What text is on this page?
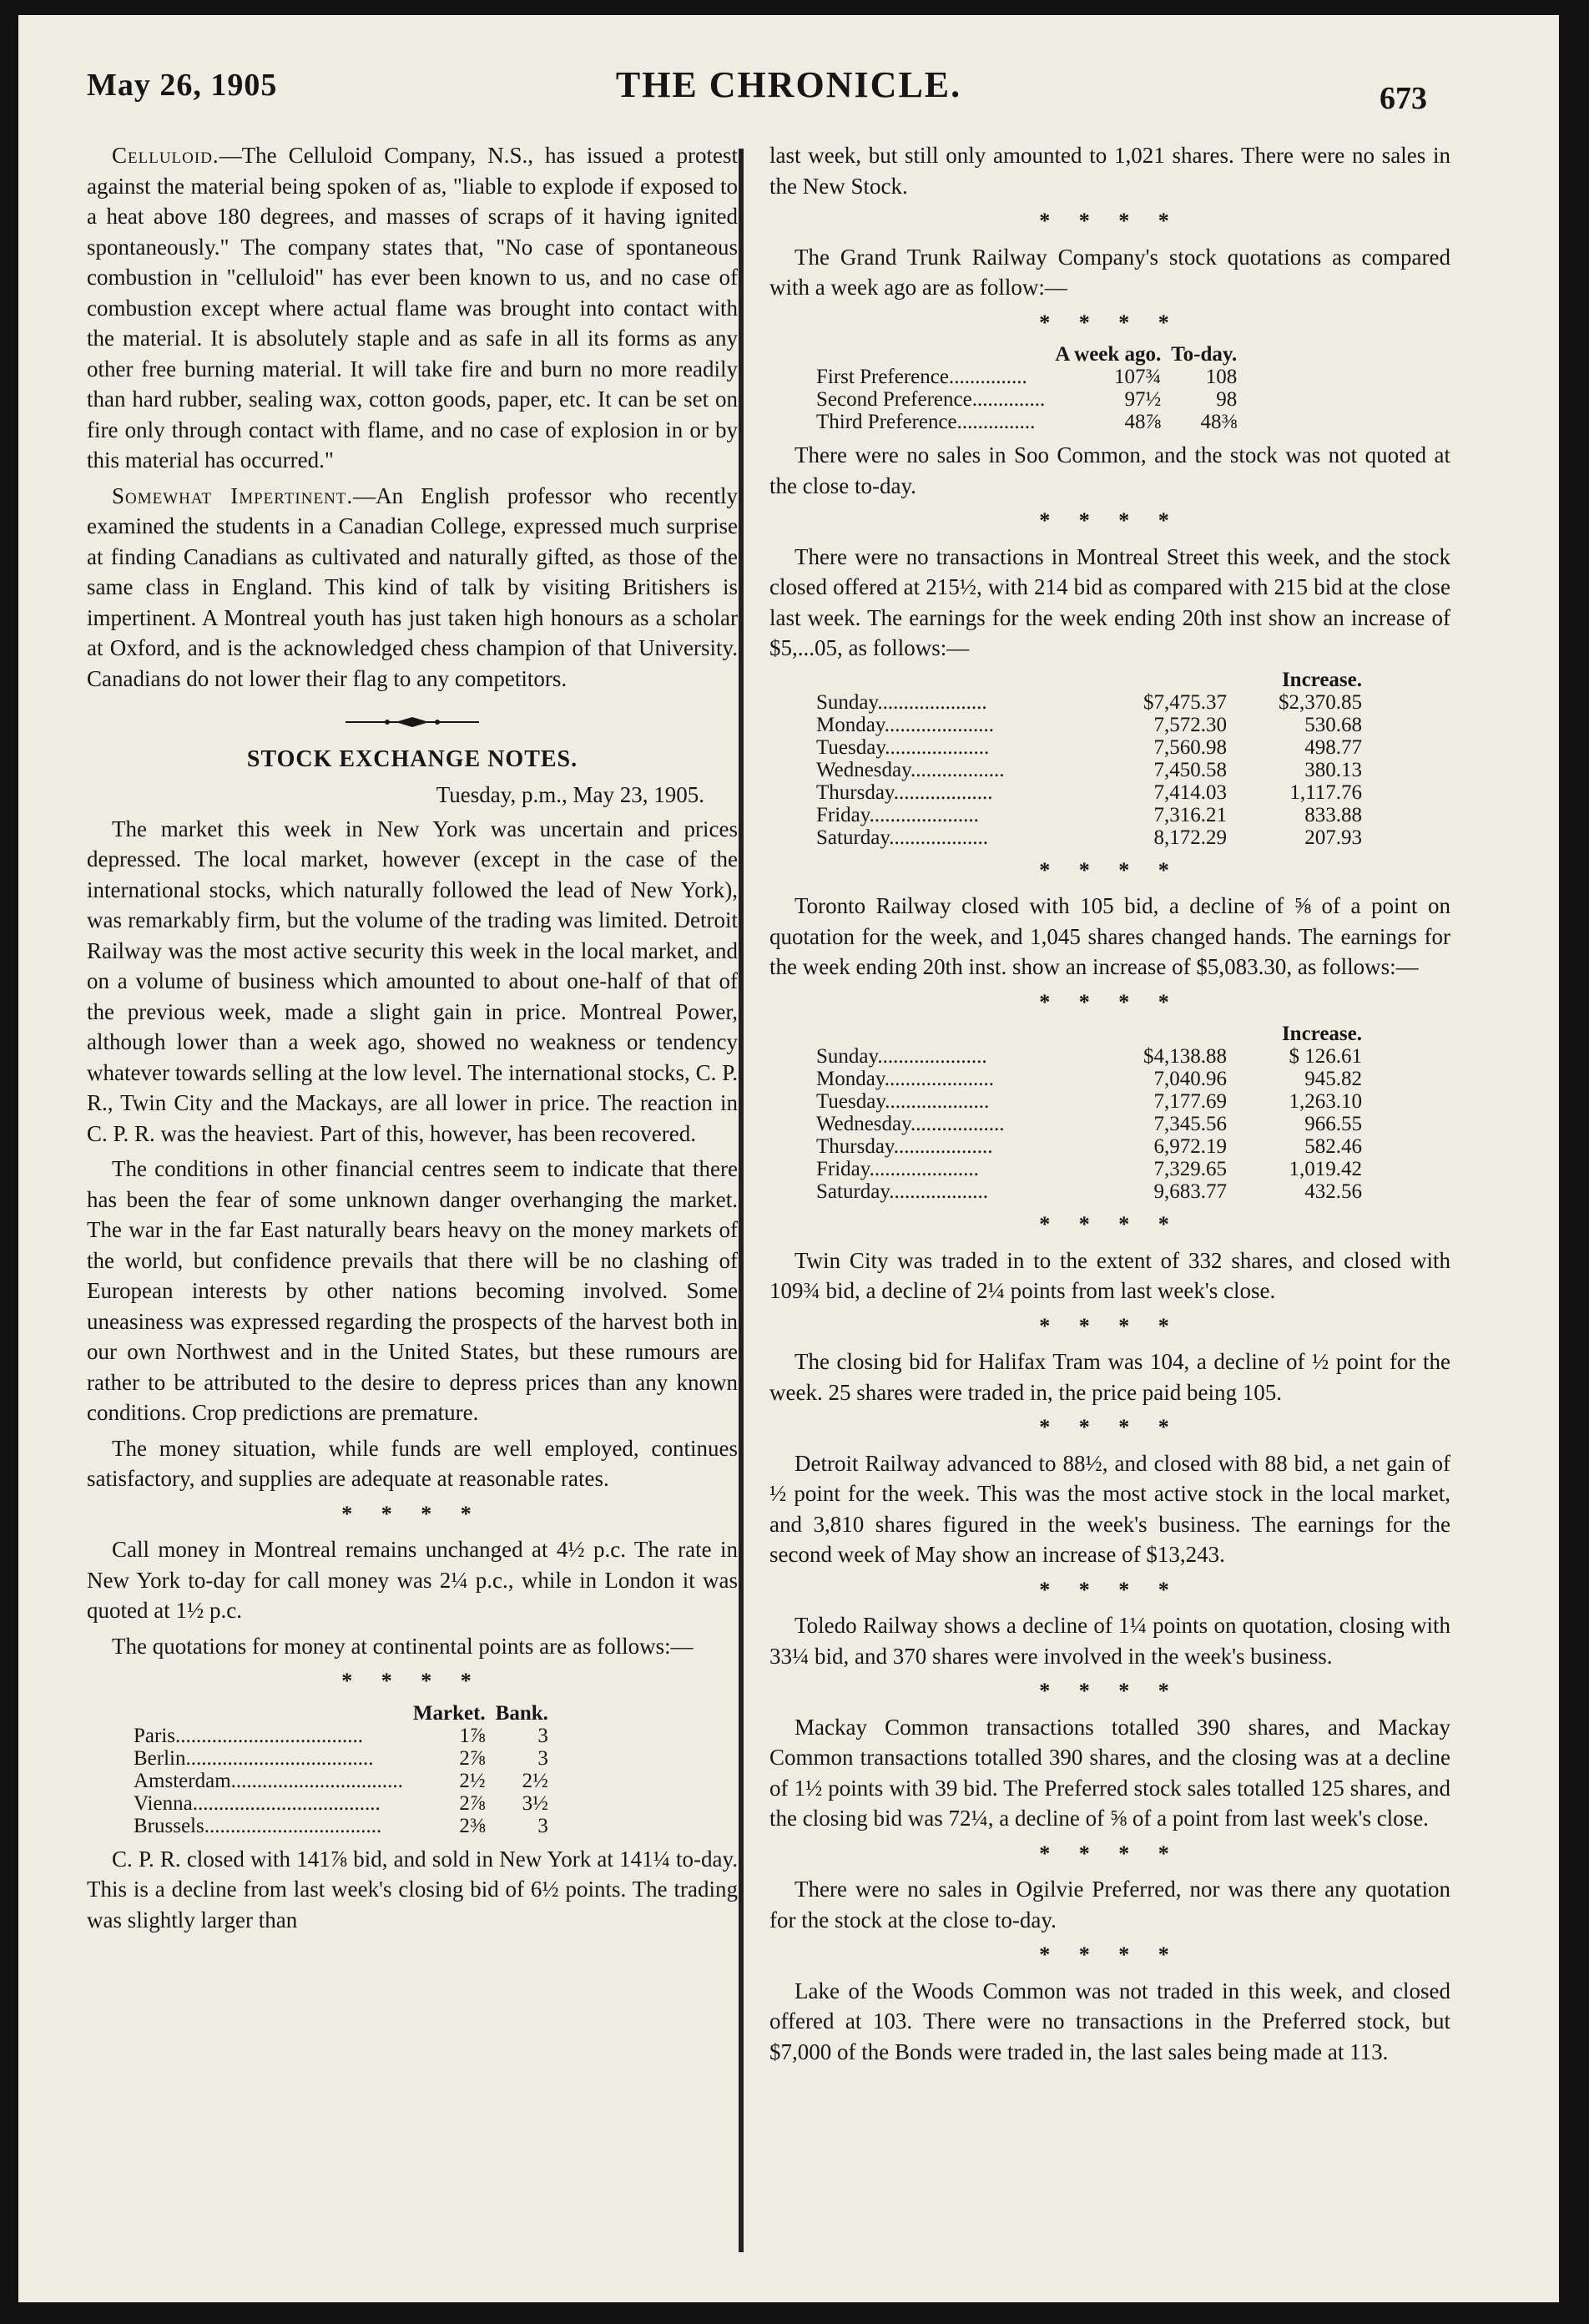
May 26, 1905	THE CHRONICLE.	673

Celluloid.—The Celluloid Company, N.S., has issued a protest against the material being spoken of as, "liable to explode if exposed to a heat above 180 degrees, and masses of scraps of it having ignited spontaneously." The company states that, "No case of spontaneous combustion in "celluloid" has ever been known to us, and no case of combustion except where actual flame was brought into contact with the material. It is absolutely staple and as safe in all its forms as any other free burning material. It will take fire and burn no more readily than hard rubber, sealing wax, cotton goods, paper, etc. It can be set on fire only through contact with flame, and no case of explosion in or by this material has occurred."

Somewhat Impertinent.—An English professor who recently examined the students in a Canadian College, expressed much surprise at finding Canadians as cultivated and naturally gifted, as those of the same class in England. This kind of talk by visiting Britishers is impertinent. A Montreal youth has just taken high honours as a scholar at Oxford, and is the acknowledged chess champion of that University. Canadians do not lower their flag to any competitors.

STOCK EXCHANGE NOTES.
Tuesday, p.m., May 23, 1905.

The market this week in New York was uncertain and prices depressed. The local market, however (except in the case of the international stocks, which naturally followed the lead of New York), was remarkably firm, but the volume of the trading was limited. Detroit Railway was the most active security this week in the local market, and on a volume of business which amounted to about one-half of that of the previous week, made a slight gain in price. Montreal Power, although lower than a week ago, showed no weakness or tendency whatever towards selling at the low level. The international stocks, C. P. R., Twin City and the Mackays, are all lower in price. The reaction in C. P. R. was the heaviest. Part of this, however, has been recovered.

The conditions in other financial centres seem to indicate that there has been the fear of some unknown danger overhanging the market. The war in the far East naturally bears heavy on the money markets of the world, but confidence prevails that there will be no clashing of European interests by other nations becoming involved. Some uneasiness was expressed regarding the prospects of the harvest both in our own Northwest and in the United States, but these rumours are rather to be attributed to the desire to depress prices than any known conditions. Crop predictions are premature.

The money situation, while funds are well employed, continues satisfactory, and supplies are adequate at reasonable rates.

* * * *

Call money in Montreal remains unchanged at 4½ p.c. The rate in New York to-day for call money was 2¼ p.c., while in London it was quoted at 1½ p.c.

The quotations for money at continental points are as follows:—

* * * *
	Market.	Bank.
Paris....................................	1⅞	3
Berlin....................................	2⅞	3
Amsterdam.................................	2½	2½
Vienna....................................	2⅞	3½
Brussels..................................	2⅜	3

C. P. R. closed with 141⅞ bid, and sold in New York at 141¼ to-day. This is a decline from last week's closing bid of 6½ points. The trading was slightly larger than

last week, but still only amounted to 1,021 shares. There were no sales in the New Stock.

* * * *

The Grand Trunk Railway Company's stock quotations as compared with a week ago are as follow:—

* * * *
	A week ago.	To-day.
First Preference...............	107¾	108
Second Preference..............	97½	98
Third Preference...............	48⅞	48⅜

There were no sales in Soo Common, and the stock was not quoted at the close to-day.

* * * *

There were no transactions in Montreal Street this week, and the stock closed offered at 215½, with 214 bid as compared with 215 bid at the close last week. The earnings for the week ending 20th inst show an increase of $5,...05, as follows:—

		Increase.
Sunday.....................	$7,475.37	$2,370.85
Monday.....................	7,572.30	530.68
Tuesday....................	7,560.98	498.77
Wednesday..................	7,450.58	380.13
Thursday...................	7,414.03	1,117.76
Friday.....................	7,316.21	833.88
Saturday...................	8,172.29	207.93
* * * *

Toronto Railway closed with 105 bid, a decline of ⅝ of a point on quotation for the week, and 1,045 shares changed hands. The earnings for the week ending 20th inst. show an increase of $5,083.30, as follows:—

* * * *
		Increase.
Sunday.....................	$4,138.88	$ 126.61
Monday.....................	7,040.96	945.82
Tuesday....................	7,177.69	1,263.10
Wednesday..................	7,345.56	966.55
Thursday...................	6,972.19	582.46
Friday.....................	7,329.65	1,019.42
Saturday...................	9,683.77	432.56
* * * *

Twin City was traded in to the extent of 332 shares, and closed with 109¾ bid, a decline of 2¼ points from last week's close.

* * * *

The closing bid for Halifax Tram was 104, a decline of ½ point for the week. 25 shares were traded in, the price paid being 105.

* * * *

Detroit Railway advanced to 88½, and closed with 88 bid, a net gain of ½ point for the week. This was the most active stock in the local market, and 3,810 shares figured in the week's business. The earnings for the second week of May show an increase of $13,243.

* * * *

Toledo Railway shows a decline of 1¼ points on quotation, closing with 33¼ bid, and 370 shares were involved in the week's business.

* * * *

Mackay Common transactions totalled 390 shares, and Mackay Common transactions totalled 390 shares, and the closing was at a decline of 1½ points with 39 bid. The Preferred stock sales totalled 125 shares, and the closing bid was 72¼, a decline of ⅝ of a point from last week's close.

* * * *

There were no sales in Ogilvie Preferred, nor was there any quotation for the stock at the close to-day.

* * * *

Lake of the Woods Common was not traded in this week, and closed offered at 103. There were no transactions in the Preferred stock, but $7,000 of the Bonds were traded in, the last sales being made at 113.
